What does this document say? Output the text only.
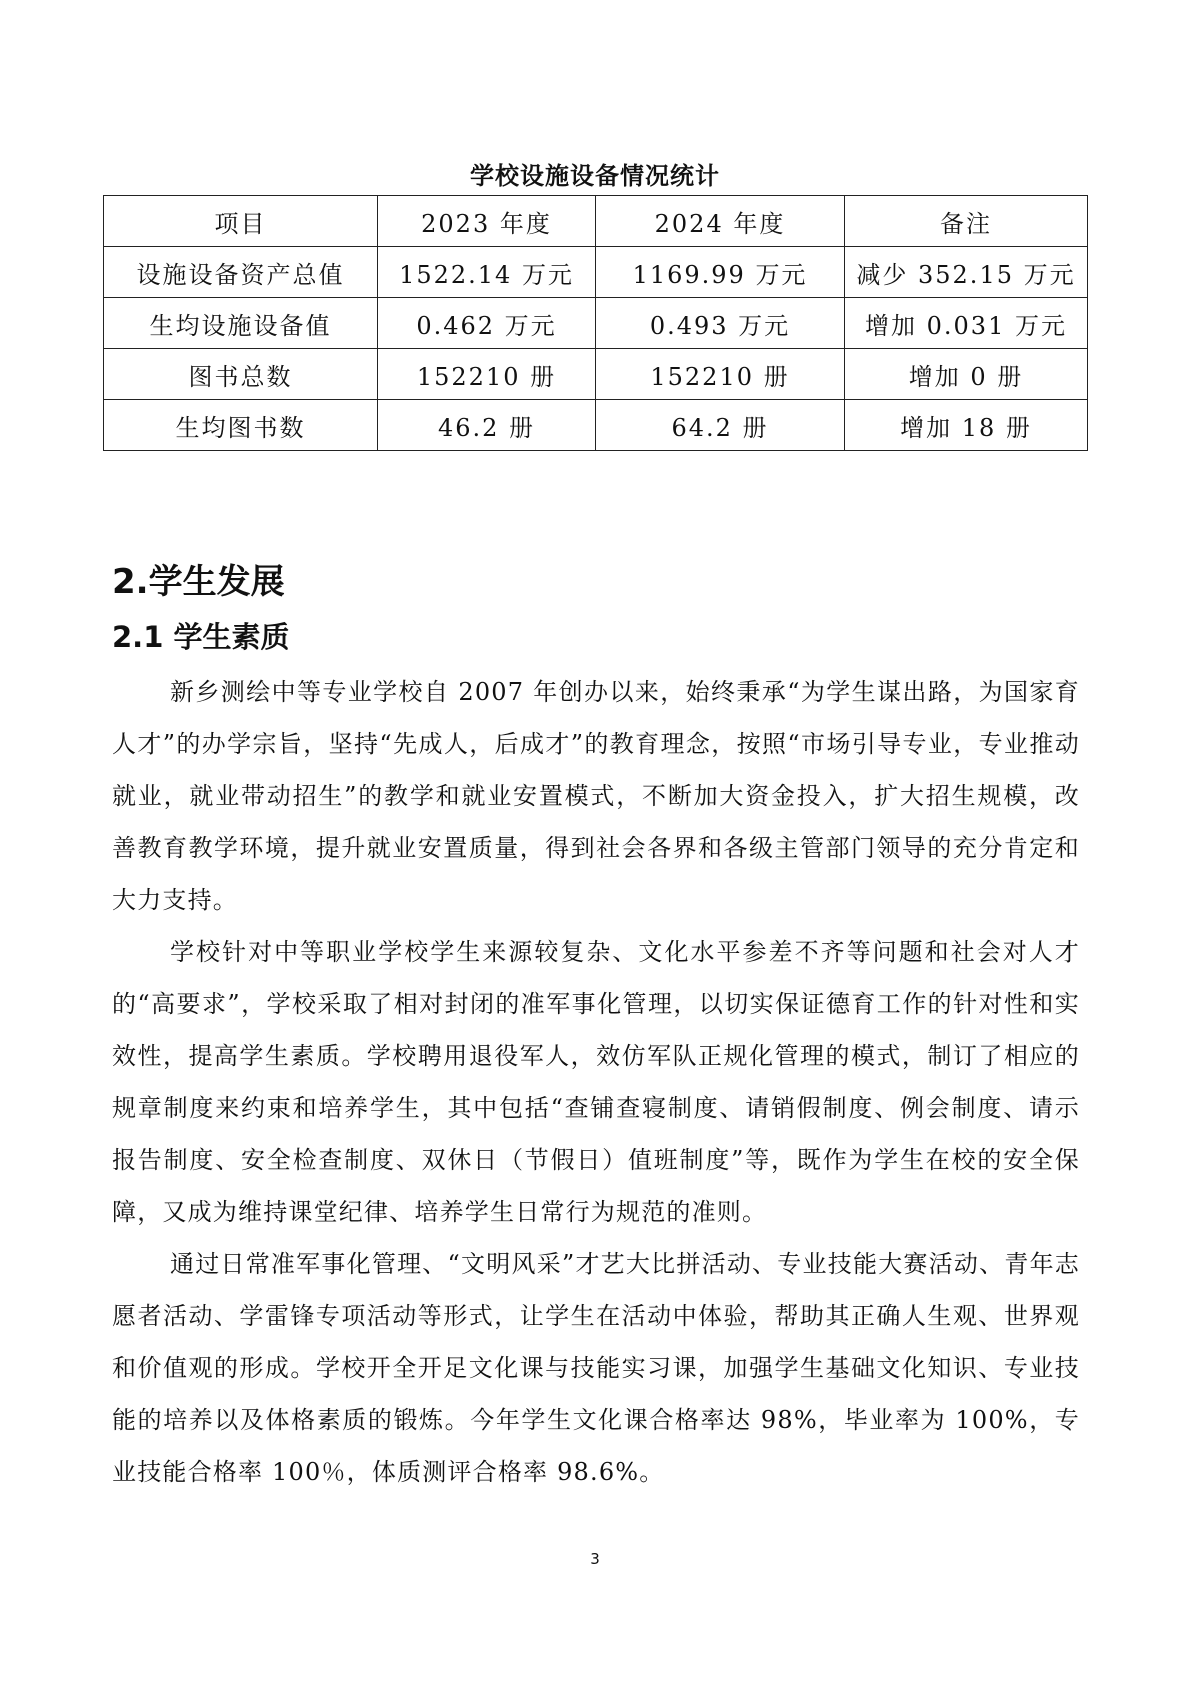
学校设施设备情况统计
项目	2023 年度	2024 年度	备注
设施设备资产总值	1522.14 万元	1169.99 万元	减少 352.15 万元
生均设施设备值	0.462 万元	0.493 万元	增加 0.031 万元
图书总数	152210 册	152210 册	增加 0 册
生均图书数	46.2 册	64.2 册	增加 18 册
2.学生发展
2.1 学生素质

新乡测绘中等专业学校自 2007 年创办以来，始终秉承“为学生谋出路，为国家育人才”的办学宗旨，坚持“先成人，后成才”的教育理念，按照“市场引导专业，专业推动就业，就业带动招生”的教学和就业安置模式，不断加大资金投入，扩大招生规模，改善教育教学环境，提升就业安置质量，得到社会各界和各级主管部门领导的充分肯定和大力支持。

学校针对中等职业学校学生来源较复杂、文化水平参差不齐等问题和社会对人才的“高要求”，学校采取了相对封闭的准军事化管理，以切实保证德育工作的针对性和实效性，提高学生素质。学校聘用退役军人，效仿军队正规化管理的模式，制订了相应的规章制度来约束和培养学生，其中包括“查铺查寝制度、请销假制度、例会制度、请示报告制度、安全检查制度、双休日（节假日）值班制度”等，既作为学生在校的安全保障，又成为维持课堂纪律、培养学生日常行为规范的准则。

通过日常准军事化管理、“文明风采”才艺大比拼活动、专业技能大赛活动、青年志愿者活动、学雷锋专项活动等形式，让学生在活动中体验，帮助其正确人生观、世界观和价值观的形成。学校开全开足文化课与技能实习课，加强学生基础文化知识、专业技能的培养以及体格素质的锻炼。今年学生文化课合格率达 98%，毕业率为 100%，专业技能合格率 100％，体质测评合格率 98.6%。

3
